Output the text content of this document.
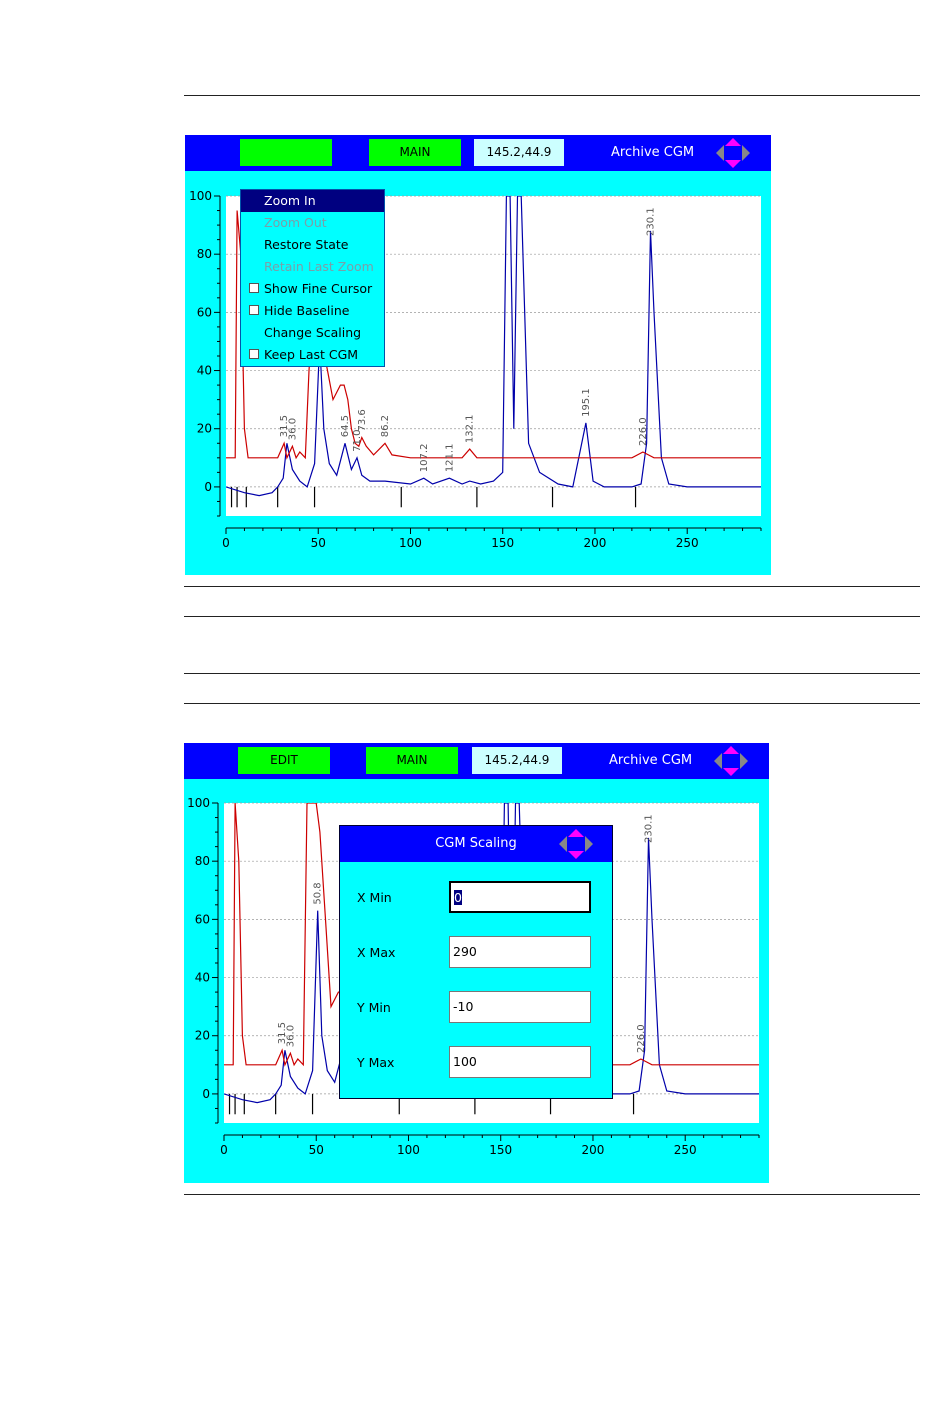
MAIN	145.2,44.9	Archive CGM
0
20
40
60
80
100
0	50	100	150	200	250
31.5
36.0	64.5
71.0
73.6 86.2
107.2 121.1
132.1
195.1
226.0
230.1
Zoom In
Zoom Out
Restore State
Retain Last Zoom
Show Fine Cursor
Hide Baseline
Change Scaling
Keep Last CGM
EDIT	MAIN	145.2,44.9	Archive CGM
0
20
40
60
80
100
0	50	100	150	200	250
31.5
36.0
50.8
226.0
230.1
CGM Scaling
X Min	0
X Max	290
Y Min	-10
Y Max	100
